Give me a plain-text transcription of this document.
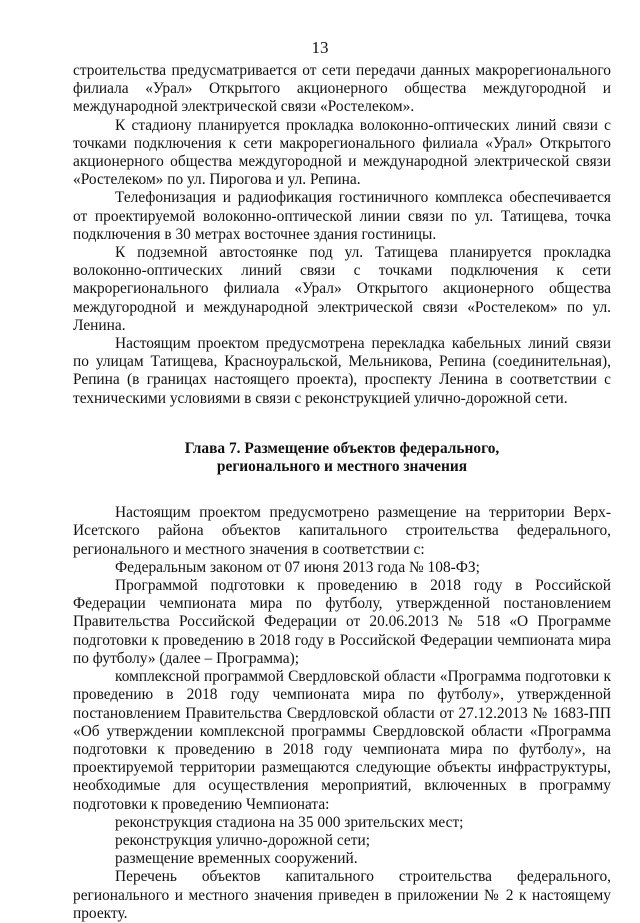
13

строительства предусматривается от сети передачи данных макрорегионального филиала «Урал» Открытого акционерного общества междугородной и международной электрической связи «Ростелеком».

К стадиону планируется прокладка волоконно-оптических линий связи с точками подключения к сети макрорегионального филиала «Урал» Открытого акционерного общества междугородной и международной электрической связи «Ростелеком» по ул. Пирогова и ул. Репина.

Телефонизация и радиофикация гостиничного комплекса обеспечивается от проектируемой волоконно-оптической линии связи по ул. Татищева, точка подключения в 30 метрах восточнее здания гостиницы.

К подземной автостоянке под ул. Татищева планируется прокладка волоконно-оптических линий связи с точками подключения к сети макрорегионального филиала «Урал» Открытого акционерного общества междугородной и международной электрической связи «Ростелеком» по ул. Ленина.

Настоящим проектом предусмотрена перекладка кабельных линий связи по улицам Татищева, Красноуральской, Мельникова, Репина (соединительная), Репина (в границах настоящего проекта), проспекту Ленина в соответствии с техническими условиями в связи с реконструкцией улично-дорожной сети.

Глава 7. Размещение объектов федерального,
регионального и местного значения

Настоящим проектом предусмотрено размещение на территории Верх-Исетского района объектов капитального строительства федерального, регионального и местного значения в соответствии с:

Федеральным законом от 07 июня 2013 года № 108-ФЗ;

Программой подготовки к проведению в 2018 году в Российской Федерации чемпионата мира по футболу, утвержденной постановлением Правительства Российской Федерации от 20.06.2013 № 518 «О Программе подготовки к проведению в 2018 году в Российской Федерации чемпионата мира по футболу» (далее – Программа);

комплексной программой Свердловской области «Программа подготовки к проведению в 2018 году чемпионата мира по футболу», утвержденной постановлением Правительства Свердловской области от 27.12.2013 № 1683-ПП «Об утверждении комплексной программы Свердловской области «Программа подготовки к проведению в 2018 году чемпионата мира по футболу», на проектируемой территории размещаются следующие объекты инфраструктуры, необходимые для осуществления мероприятий, включенных в программу подготовки к проведению Чемпионата:

реконструкция стадиона на 35 000 зрительских мест;

реконструкция улично-дорожной сети;

размещение временных сооружений.

Перечень объектов капитального строительства федерального, регионального и местного значения приведен в приложении № 2 к настоящему проекту.
